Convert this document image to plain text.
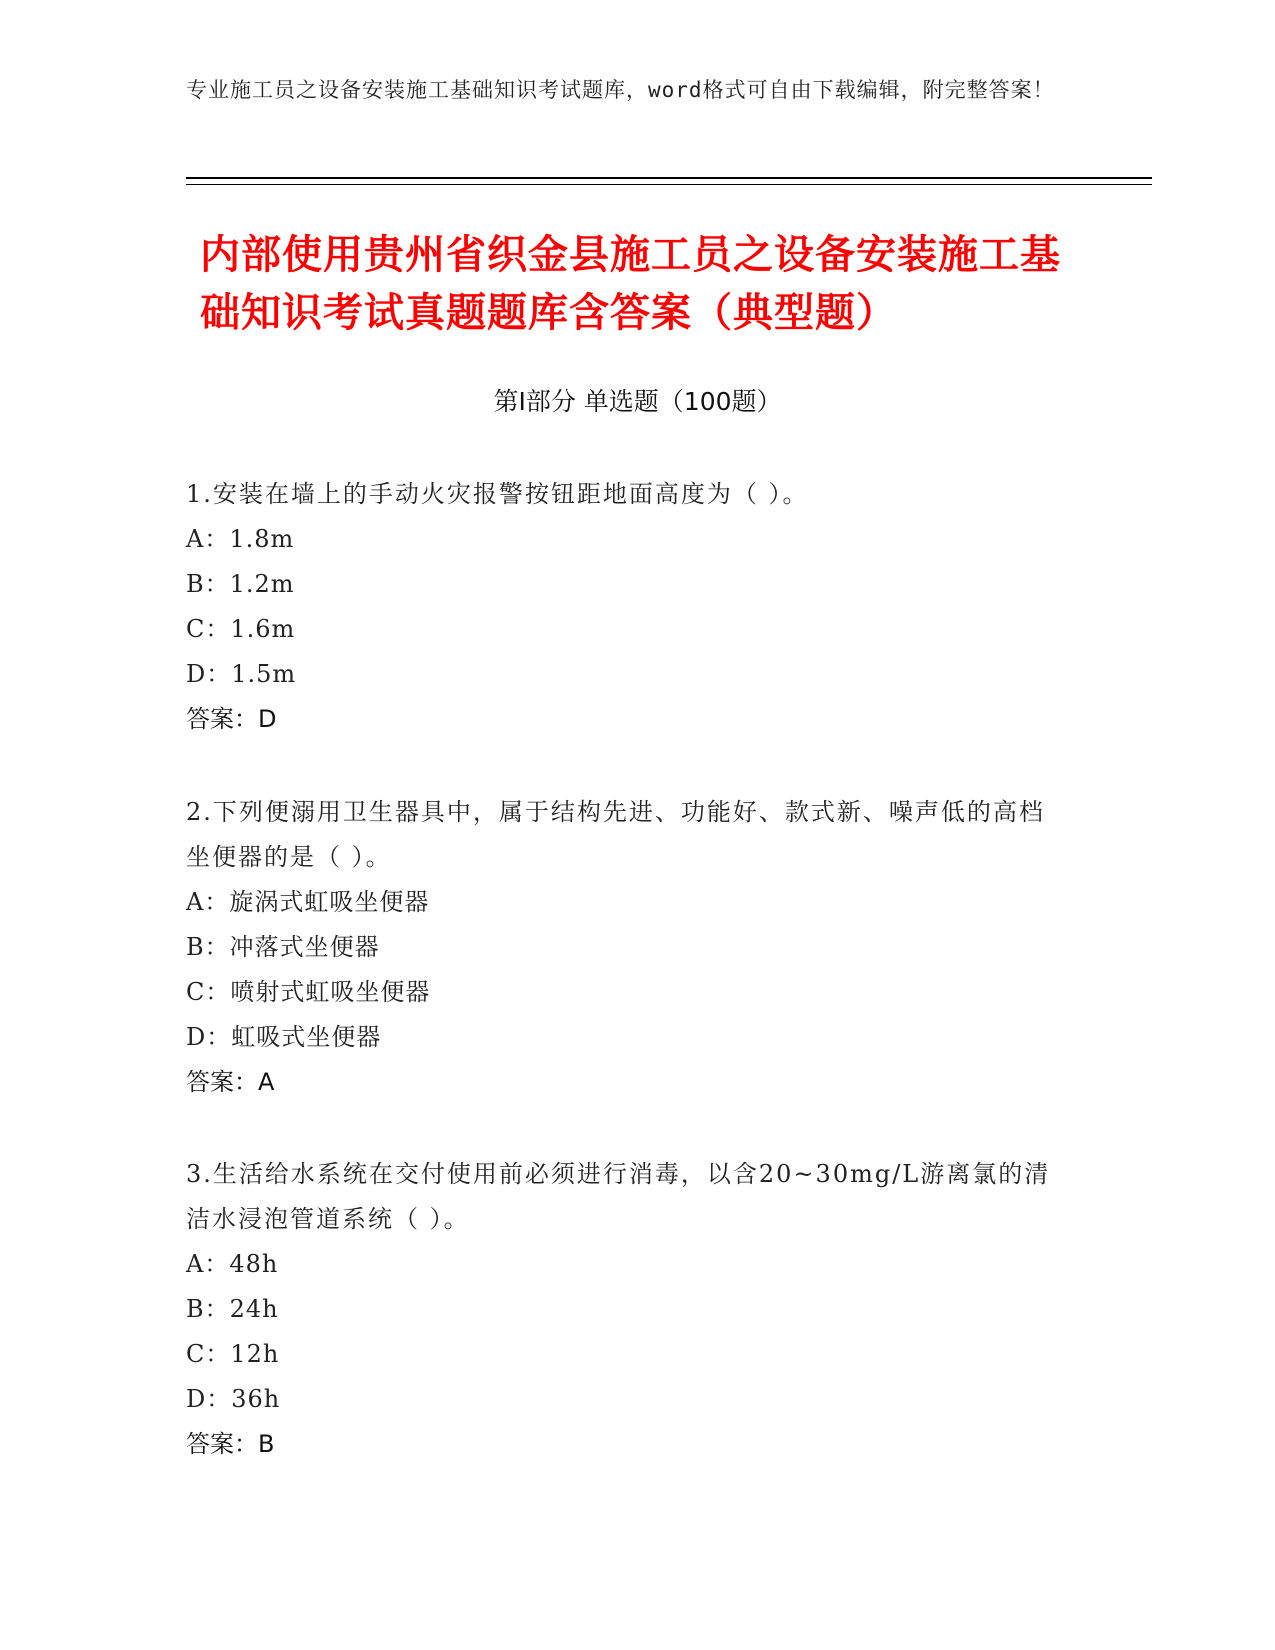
专业施工员之设备安装施工基础知识考试题库，word格式可自由下载编辑，附完整答案！
内部使用贵州省织金县施工员之设备安装施工基础知识考试真题题库含答案（典型题）
第Ⅰ部分 单选题（100题）

1.安装在墙上的手动火灾报警按钮距地面高度为（ ）。

A：1.8m

B：1.2m

C：1.6m

D：1.5m

答案：D

2.下列便溺用卫生器具中，属于结构先进、功能好、款式新、噪声低的高档坐便器的是（ ）。

A：旋涡式虹吸坐便器

B：冲落式坐便器

C：喷射式虹吸坐便器

D：虹吸式坐便器

答案：A

3.生活给水系统在交付使用前必须进行消毒，以含20~30mg/L游离氯的清洁水浸泡管道系统（ ）。

A：48h

B：24h

C：12h

D：36h

答案：B
